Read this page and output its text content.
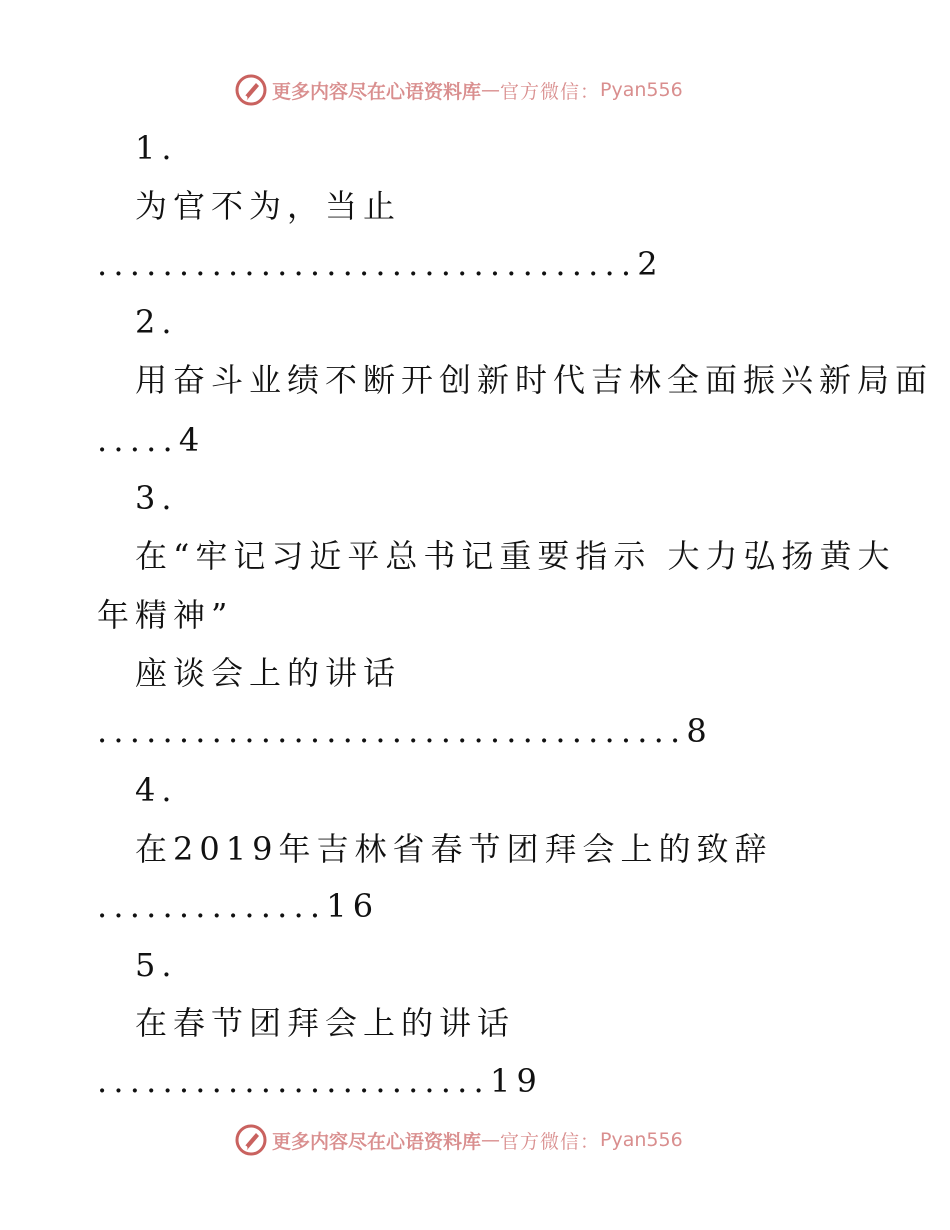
更多内容尽在心语资料库 — 官方微信： Pyan556
1.
为官不为，当止
.................................2
2.
用奋斗业绩不断开创新时代吉林全面振兴新局面
.....4
3.
在“牢记习近平总书记重要指示 大力弘扬黄大
年精神”
座谈会上的讲话
....................................8
4.
在2019年吉林省春节团拜会上的致辞
..............16
5.
在春节团拜会上的讲话
........................19
更多内容尽在心语资料库 — 官方微信： Pyan556
